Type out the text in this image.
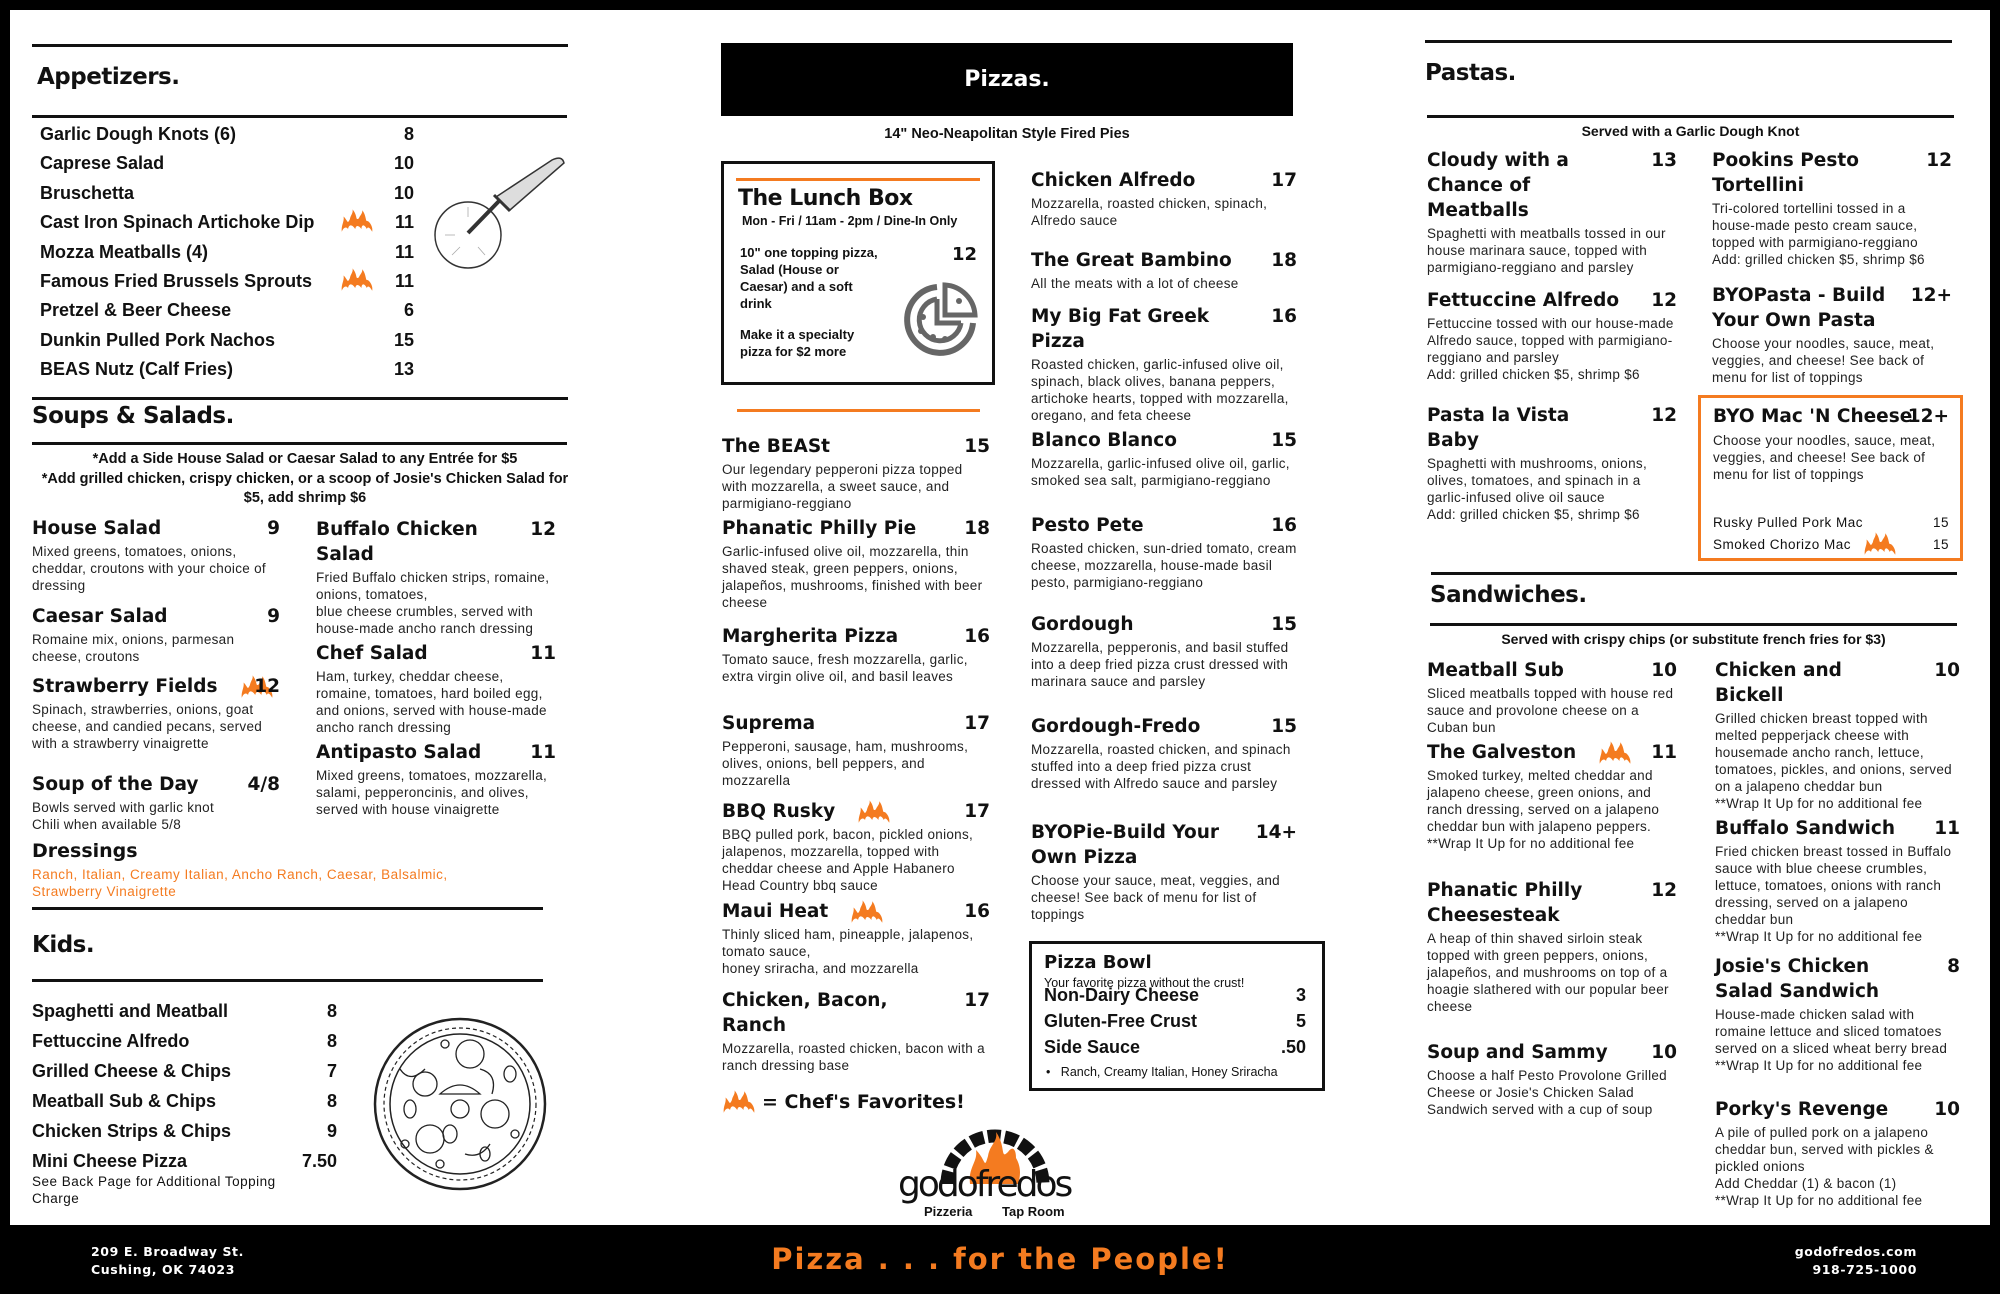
Appetizers.
Garlic Dough Knots (6)	8
Caprese Salad	10
Bruschetta	10
Cast Iron Spinach Artichoke Dip	11
Mozza Meatballs (4)	11
Famous Fried Brussels Sprouts	11
Pretzel & Beer Cheese	6
Dunkin Pulled Pork Nachos	15
BEAS Nutz (Calf Fries)	13
Soups & Salads.
*Add a Side House Salad or Caesar Salad to any Entrée for $5
*Add grilled chicken, crispy chicken, or a scoop of Josie's Chicken Salad for $5, add shrimp $6
Dressings
Ranch, Italian, Creamy Italian, Ancho Ranch, Caesar, Balsalmic, Strawberry Vinaigrette
Kids.
Spaghetti and Meatball	8
Fettuccine Alfredo	8
Grilled Cheese & Chips	7
Meatball Sub & Chips	8
Chicken Strips & Chips	9
Mini Cheese Pizza	7.50
See Back Page for Additional Topping Charge
Pizzas.
14" Neo-Neapolitan Style Fired Pies
The Lunch Box
Mon - Fri / 11am - 2pm / Dine-In Only
10" one topping pizza, Salad (House or Caesar) and a soft drink
12
Make it a specialty pizza for $2 more
Pizza Bowl
Your favorite pizza without the crust!
Non-Dairy Cheese	3
Gluten-Free Crust	5
Side Sauce	.50
•   Ranch, Creamy Italian, Honey Sriracha
= Chef's Favorites!
godofredos
Pizzeria Tap Room
Pastas.
Served with a Garlic Dough Knot
BYO Mac 'N Cheese
12+
Choose your noodles, sauce, meat, veggies, and cheese! See back of menu for list of toppings
Rusky Pulled Pork Mac	15
Smoked Chorizo Mac	15
Sandwiches.
Served with crispy chips (or substitute french fries for $3)
House Salad	9
Mixed greens, tomatoes, onions, cheddar, croutons with your choice of dressing
Caesar Salad	9
Romaine mix, onions, parmesan cheese, croutons
Strawberry Fields 12
Spinach, strawberries, onions, goat cheese, and candied pecans, served with a strawberry vinaigrette
Soup of the Day	4/8
Bowls served with garlic knot
Chili when available 5/8
Buffalo Chicken Salad
12
Fried Buffalo chicken strips, romaine, onions, tomatoes,
blue cheese crumbles, served with house-made ancho ranch dressing
Chef Salad	11
Ham, turkey, cheddar cheese, romaine, tomatoes, hard boiled egg, and onions, served with house-made ancho ranch dressing
Antipasto Salad	11
Mixed greens, tomatoes, mozzarella, salami, pepperoncinis, and olives, served with house vinaigrette
The BEASt	15
Our legendary pepperoni pizza topped with mozzarella, a sweet sauce, and parmigiano-reggiano
Phanatic Philly Pie	18
Garlic-infused olive oil, mozzarella, thin shaved steak, green peppers, onions, jalapeños, mushrooms, finished with beer cheese
Margherita Pizza	16
Tomato sauce, fresh mozzarella, garlic, extra virgin olive oil, and basil leaves
Suprema	17
Pepperoni, sausage, ham, mushrooms, olives, onions, bell peppers, and mozzarella
BBQ Rusky	17
BBQ pulled pork, bacon, pickled onions, jalapenos, mozzarella, topped with cheddar cheese and Apple Habanero Head Country bbq sauce
Maui Heat	16
Thinly sliced ham, pineapple, jalapenos, tomato sauce,
honey sriracha, and mozzarella
Chicken, Bacon, Ranch
17
Mozzarella, roasted chicken, bacon with a ranch dressing base
Chicken Alfredo	17
Mozzarella, roasted chicken, spinach, Alfredo sauce
The Great Bambino 18
All the meats with a lot of cheese
My Big Fat Greek Pizza
16
Roasted chicken, garlic-infused olive oil, spinach, black olives, banana peppers, artichoke hearts, topped with mozzarella, oregano, and feta cheese
Blanco Blanco	15
Mozzarella, garlic-infused olive oil, garlic, smoked sea salt, parmigiano-reggiano
Pesto Pete	16
Roasted chicken, sun-dried tomato, cream cheese, mozzarella, house-made basil pesto, parmigiano-reggiano
Gordough	15
Mozzarella, pepperonis, and basil stuffed into a deep fried pizza crust dressed with marinara sauce and parsley
Gordough-Fredo	15
Mozzarella, roasted chicken, and spinach stuffed into a deep fried pizza crust dressed with Alfredo sauce and parsley
BYOPie-Build Your Own Pizza
14+
Choose your sauce, meat, veggies, and cheese! See back of menu for list of toppings
Cloudy with a Chance of Meatballs
13
Spaghetti with meatballs tossed in our house marinara sauce, topped with parmigiano-reggiano and parsley
Fettuccine Alfredo 12
Fettuccine tossed with our house-made Alfredo sauce, topped with parmigiano-reggiano and parsley
Add: grilled chicken $5, shrimp $6
Pasta la Vista Baby
12
Spaghetti with mushrooms, onions, olives, tomatoes, and spinach in a garlic-infused olive oil sauce
Add: grilled chicken $5, shrimp $6
Pookins Pesto Tortellini
12
Tri-colored tortellini tossed in a house-made pesto cream sauce, topped with parmigiano-reggiano
Add: grilled chicken $5, shrimp $6
BYOPasta - Build Your Own Pasta
12+
Choose your noodles, sauce, meat, veggies, and cheese! See back of menu for list of toppings
Meatball Sub	10
Sliced meatballs topped with house red sauce and provolone cheese on a Cuban bun
The Galveston	11
Smoked turkey, melted cheddar and jalapeno cheese, green onions, and ranch dressing, served on a jalapeno cheddar bun with jalapeno peppers.
**Wrap It Up for no additional fee
Phanatic Philly Cheesesteak
12
A heap of thin shaved sirloin steak topped with green peppers, onions, jalapeños, and mushrooms on top of a hoagie slathered with our popular beer cheese
Soup and Sammy 10
Choose a half Pesto Provolone Grilled Cheese or Josie's Chicken Salad Sandwich served with a cup of soup
Chicken and Bickell
10
Grilled chicken breast topped with melted pepperjack cheese with housemade ancho ranch, lettuce, tomatoes, pickles, and onions, served on a jalapeno cheddar bun
**Wrap It Up for no additional fee
Buffalo Sandwich 11
Fried chicken breast tossed in Buffalo sauce with blue cheese crumbles, lettuce, tomatoes, onions with ranch dressing, served on a jalapeno cheddar bun
**Wrap It Up for no additional fee
Josie's Chicken Salad Sandwich
8
House-made chicken salad with romaine lettuce and sliced tomatoes served on a sliced wheat berry bread
**Wrap It Up for no additional fee
Porky's Revenge 10
A pile of pulled pork on a jalapeno cheddar bun, served with pickles & pickled onions
Add Cheddar (1) & bacon (1)
**Wrap It Up for no additional fee
209 E. Broadway St.
Cushing, OK 74023	Pizza . . . for the People!	godofredos.com
918-725-1000
